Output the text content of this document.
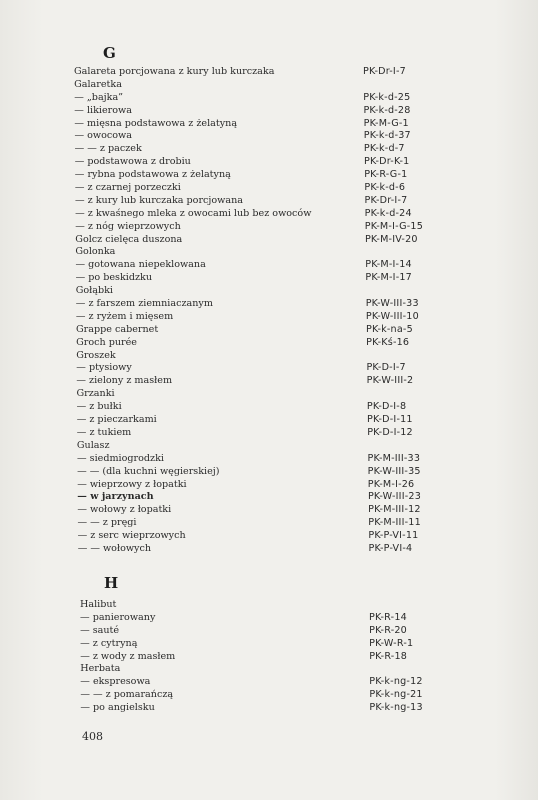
G
Galareta porcjowana z kury lub kurczaka	PK-Dr-I-7
Galaretka
— „bajka”	PK-k-d-25
— likierowa	PK-k-d-28
— mięsna podstawowa z żelatyną	PK-M-G-1
— owocowa	PK-k-d-37
— — z paczek	PK-k-d-7
— podstawowa z drobiu	PK-Dr-K-1
— rybna podstawowa z żelatyną	PK-R-G-1
— z czarnej porzeczki	PK-k-d-6
— z kury lub kurczaka porcjowana	PK-Dr-I-7
— z kwaśnego mleka z owocami lub bez owoców	PK-k-d-24
— z nóg wieprzowych	PK-M-I-G-15
Golcz cielęca duszona	PK-M-IV-20
Golonka
— gotowana niepeklowana	PK-M-I-14
— po beskidzku	PK-M-I-17
Gołąbki
— z farszem ziemniaczanym	PK-W-III-33
— z ryżem i mięsem	PK-W-III-10
Grappe cabernet	PK-k-na-5
Groch purée	PK-Kś-16
Groszek
— ptysiowy	PK-D-I-7
— zielony z masłem	PK-W-III-2
Grzanki
— z bułki	PK-D-I-8
— z pieczarkami	PK-D-I-11
— z tukiem	PK-D-I-12
Gulasz
— siedmiogrodzki	PK-M-III-33
— — (dla kuchni węgierskiej)	PK-W-III-35
— wieprzowy z łopatki	PK-M-I-26
— w jarzynach	PK-W-III-23
— wołowy z łopatki	PK-M-III-12
— — z pręgi	PK-M-III-11
— z serc wieprzowych	PK-P-VI-11
— — wołowych	PK-P-VI-4
H
Halibut
— panierowany	PK-R-14
— sauté	PK-R-20
— z cytryną	PK-W-R-1
— z wody z masłem	PK-R-18
Herbata
— ekspresowa	PK-k-ng-12
— — z pomarańczą	PK-k-ng-21
— po angielsku	PK-k-ng-13
408
